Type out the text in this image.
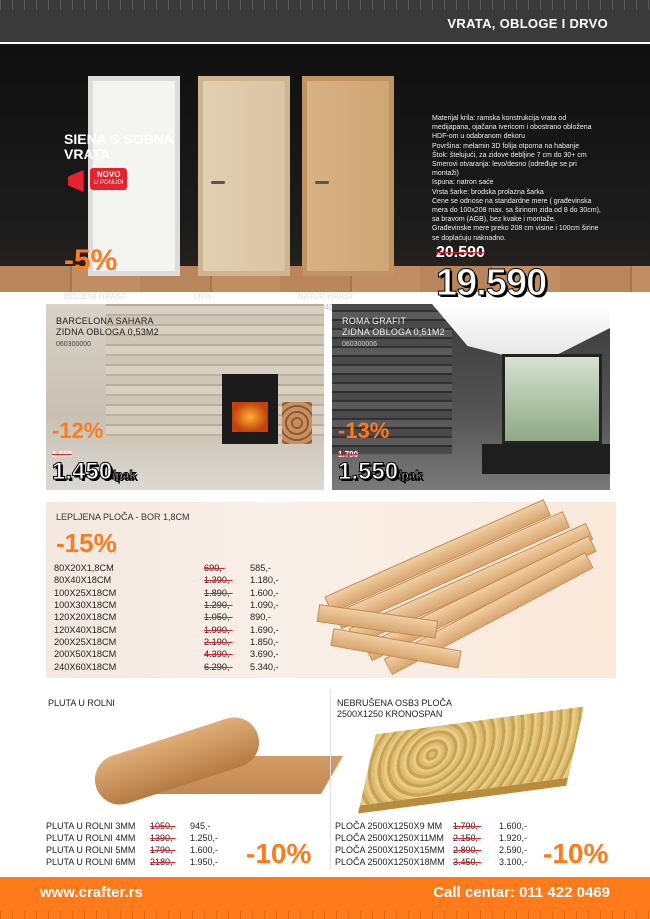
VRATA, OBLOGE I DRVO
SIENA S SOBNA VRATA
NOVO
U PONUDI
-5%
BELJENI HRAST	LIPA	NATUR HRAST
Materijal krila: ramska konstrukcija vrata od
medijapana, ojačana ivericom i obostrano obložena
HDF-om u odabranom dekoru
Površina: melamin 3D folija otporna na habanje
Štok: štelujući, za zidove debljine 7 cm do 30+ cm
Smerovi otvaranja: levo/desno (određuje se pri
montaži)
Ispuna: natron saće
Vrsta šarke: brodska prolazna šarka
Cene se odnose na standardne mere ( građevinska
mera do 100x208 max. sa širinom zida od 8 do 30cm),
sa bravom (AGB), bez kvake i montaže.
Građevinske mere preko 208 cm visine i 100cm širine
se doplaćuju naknadno.
20.590
19.590
BARCELONA SAHARA
ZIDNA OBLOGA 0,53M2
060300000
-12%
1.650
1.450/pak
ROMA GRAFIT
ZIDNA OBLOGA 0,51M2
060300006
-13%
1.790
1.550/pak
LEPLJENA PLOČA - BOR 1,8CM
-15%
80X20X1,8CM	690,-	585,-
80X40X18CM	1.390,-	1.180,-
100X25X18CM	1.890,-	1.600,-
100X30X18CM	1.290,-	1.090,-
120X20X18CM	1.050,-	890,-
120X40X18CM	1.990,-	1.690,-
200X25X18CM	2.190,-	1.850,-
200X50X18CM	4.390,-	3.690,-
240X60X18CM	6.290,-	5.340,-
PLUTA U ROLNI
PLUTA U ROLNI 3MM	1050,-	945,-
PLUTA U ROLNI 4MM	1390,-	1.250,-
PLUTA U ROLNI 5MM	1790,-	1.600,-
PLUTA U ROLNI 6MM	2180,-	1.950,- -10%
NEBRUŠENA OSB3 PLOČA
2500X1250 KRONOSPAN
PLOČA 2500X1250X9 MM	1.790,-	1.600,-
PLOČA 2500X1250X11MM	2.150,-	1.920,-
PLOČA 2500X1250X15MM	2.890,-	2.590,-
PLOČA 2500X1250X18MM	3.450,-	3.100,- -10%
www.crafter.rs	Call centar: 011 422 0469
